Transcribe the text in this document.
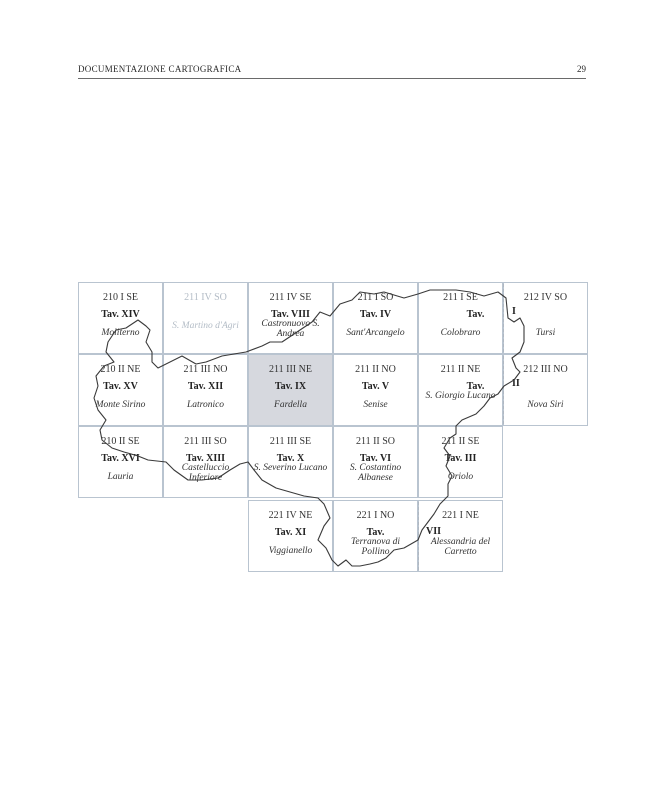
DOCUMENTAZIONE CARTOGRAFICA	29
210 I SE
Tav. XIV
Moliterno
211 IV SO
S. Martino d'Agri
211 IV SE
Tav. VIII
Castronuovo S. Andrea
211 I SO
Tav. IV
Sant'Arcangelo
211 I SE
Tav.
Colobraro
212 IV SO
Tursi
210 II NE
Tav. XV
Monte Sirino
211 III NO
Tav. XII
Latronico
211 III NE
Tav. IX
Fardella
211 II NO
Tav. V
Senise
211 II NE
Tav.
S. Giorgio Lucano
212 III NO
Nova Siri
210 II SE
Tav. XVI
Lauria
211 III SO
Tav. XIII
Castelluccio Inferiore
211 III SE
Tav. X
S. Severino Lucano
211 II SO
Tav. VI
S. Costantino Albanese
211 II SE
Tav. III
Oriolo
221 IV NE
Tav. XI
Viggianello
221 I NO
Tav.
Terranova di Pollino
221 I NE
Alessandria del Carretto
I
II
VII
